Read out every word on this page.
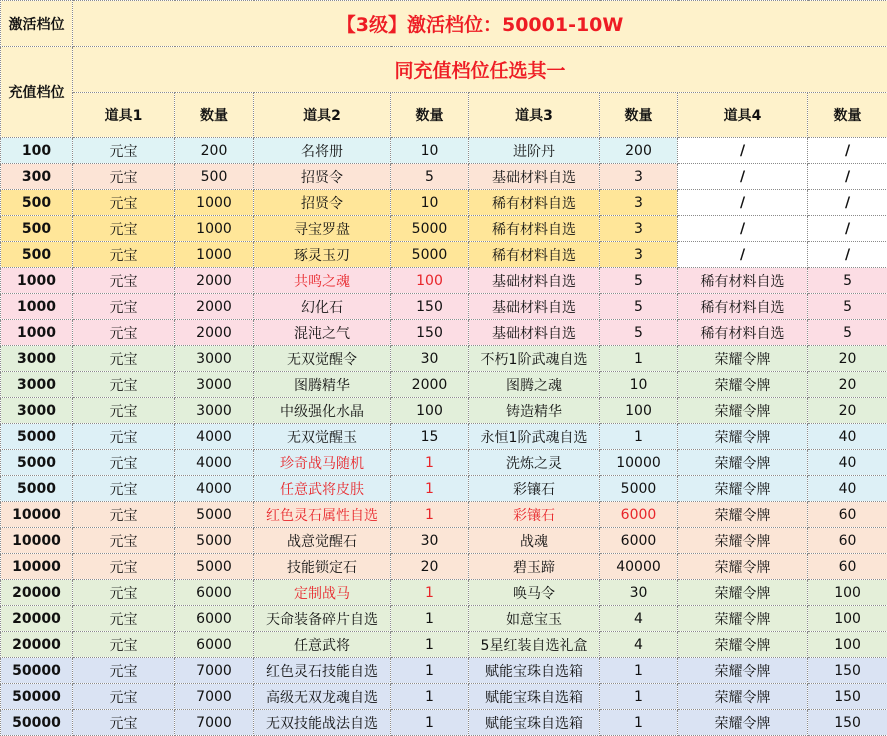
激活档位	【3级】激活档位：50001-10W							
充值档位	同充值档位任选其一							
	道具1	数量	道具2	数量	道具3	数量	道具4	数量
100	元宝	200	名将册	10	进阶丹	200	/	/
300	元宝	500	招贤令	5	基础材料自选	3	/	/
500	元宝	1000	招贤令	10	稀有材料自选	3	/	/
500	元宝	1000	寻宝罗盘	5000	稀有材料自选	3	/	/
500	元宝	1000	琢灵玉刃	5000	稀有材料自选	3	/	/
1000	元宝	2000	共鸣之魂	100	基础材料自选	5	稀有材料自选	5
1000	元宝	2000	幻化石	150	基础材料自选	5	稀有材料自选	5
1000	元宝	2000	混沌之气	150	基础材料自选	5	稀有材料自选	5
3000	元宝	3000	无双觉醒令	30	不朽1阶武魂自选	1	荣耀令牌	20
3000	元宝	3000	图腾精华	2000	图腾之魂	10	荣耀令牌	20
3000	元宝	3000	中级强化水晶	100	铸造精华	100	荣耀令牌	20
5000	元宝	4000	无双觉醒玉	15	永恒1阶武魂自选	1	荣耀令牌	40
5000	元宝	4000	珍奇战马随机	1	洗炼之灵	10000	荣耀令牌	40
5000	元宝	4000	任意武将皮肤	1	彩镶石	5000	荣耀令牌	40
10000	元宝	5000	红色灵石属性自选	1	彩镶石	6000	荣耀令牌	60
10000	元宝	5000	战意觉醒石	30	战魂	6000	荣耀令牌	60
10000	元宝	5000	技能锁定石	20	碧玉蹄	40000	荣耀令牌	60
20000	元宝	6000	定制战马	1	唤马令	30	荣耀令牌	100
20000	元宝	6000	天命装备碎片自选	1	如意宝玉	4	荣耀令牌	100
20000	元宝	6000	任意武将	1	5星红装自选礼盒	4	荣耀令牌	100
50000	元宝	7000	红色灵石技能自选	1	赋能宝珠自选箱	1	荣耀令牌	150
50000	元宝	7000	高级无双龙魂自选	1	赋能宝珠自选箱	1	荣耀令牌	150
50000	元宝	7000	无双技能战法自选	1	赋能宝珠自选箱	1	荣耀令牌	150
